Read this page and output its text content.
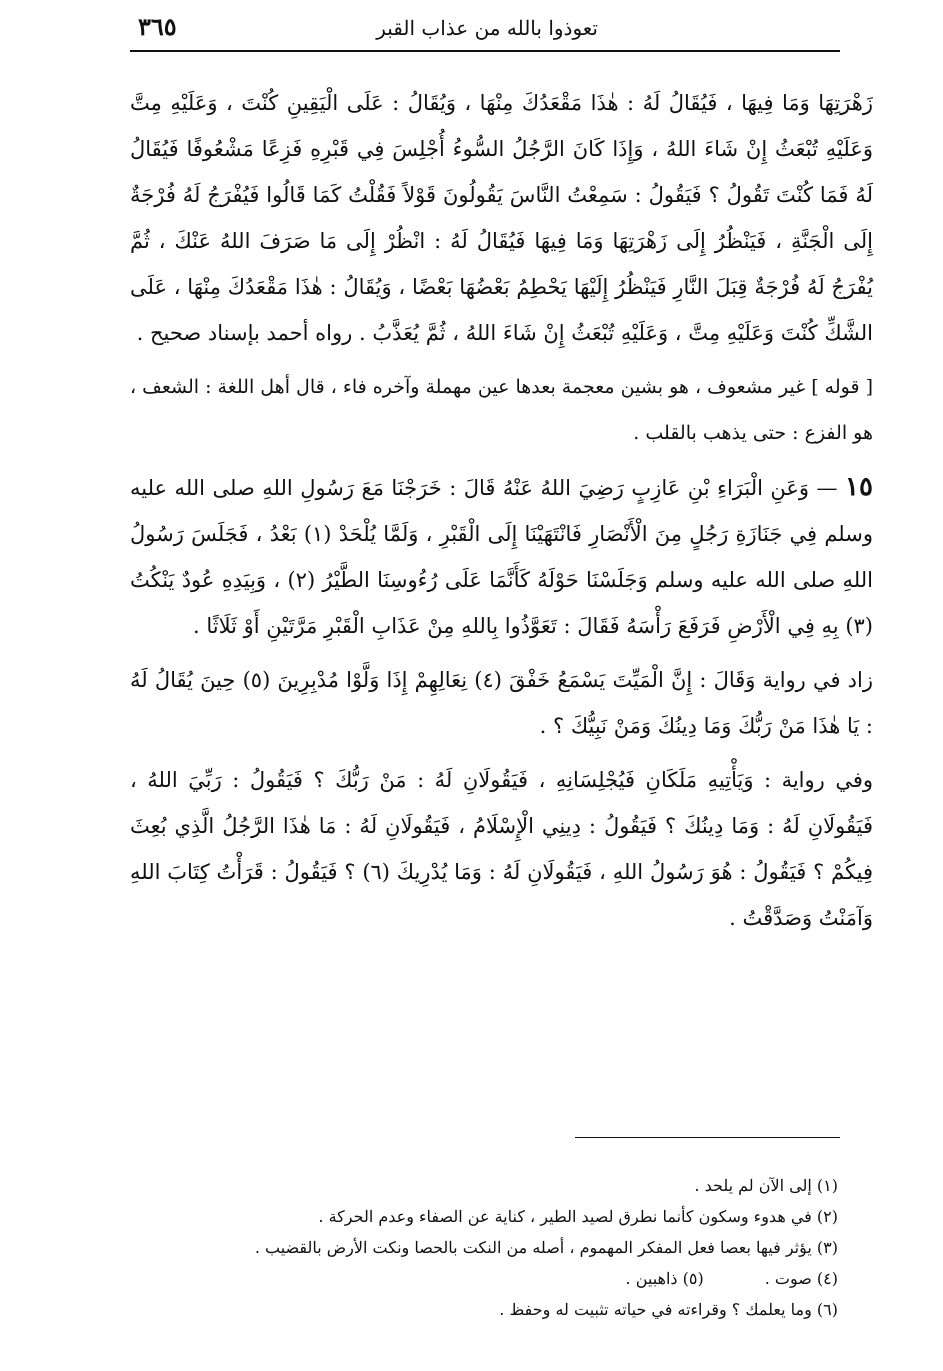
تعوذوا بالله من عذاب القبر
٣٦٥

زَهْرَتِهَا وَمَا فِيهَا ، فَيُقَالُ لَهُ : هٰذَا مَقْعَدُكَ مِنْهَا ، وَيُقَالُ : عَلَى الْيَقِينِ كُنْتَ ، وَعَلَيْهِ مِتَّ وَعَلَيْهِ تُبْعَثُ إِنْ شَاءَ اللهُ ، وَإِذَا كَانَ الرَّجُلُ السُّوءُ أُجْلِسَ فِي قَبْرِهِ فَزِعًا مَشْعُوفًا فَيُقَالُ لَهُ فَمَا كُنْتَ تَقُولُ ؟ فَيَقُولُ : سَمِعْتُ النَّاسَ يَقُولُونَ قَوْلاً فَقُلْتُ كَمَا قَالُوا فَيُفْرَجُ لَهُ فُرْجَةٌ إِلَى الْجَنَّةِ ، فَيَنْظُرُ إِلَى زَهْرَتِهَا وَمَا فِيهَا فَيُقَالُ لَهُ : انْظُرْ إِلَى مَا صَرَفَ اللهُ عَنْكَ ، ثُمَّ يُفْرَجُ لَهُ فُرْجَةٌ قِبَلَ النَّارِ فَيَنْظُرُ إِلَيْهَا يَحْطِمُ بَعْضُهَا بَعْضًا ، وَيُقَالُ : هٰذَا مَقْعَدُكَ مِنْهَا ، عَلَى الشَّكِّ كُنْتَ وَعَلَيْهِ مِتَّ ، وَعَلَيْهِ تُبْعَثُ إِنْ شَاءَ اللهُ ، ثُمَّ يُعَذَّبُ . رواه أحمد بإسناد صحيح .

[ قوله ] غير مشعوف ، هو بشين معجمة بعدها عين مهملة وآخره فاء ، قال أهل اللغة : الشعف ، هو الفزع : حتى يذهب بالقلب .

١٥ — وَعَنِ الْبَرَاءِ بْنِ عَازِبٍ رَضِيَ اللهُ عَنْهُ قَالَ : خَرَجْنَا مَعَ رَسُولِ اللهِ صلى الله عليه وسلم فِي جَنَازَةِ رَجُلٍ مِنَ الْأَنْصَارِ فَانْتَهَيْنَا إِلَى الْقَبْرِ ، وَلَمَّا يُلْحَدْ (١) بَعْدُ ، فَجَلَسَ رَسُولُ اللهِ صلى الله عليه وسلم وَجَلَسْنَا حَوْلَهُ كَأَنَّمَا عَلَى رُءُوسِنَا الطَّيْرُ (٢) ، وَبِيَدِهِ عُودٌ يَنْكُتُ (٣) بِهِ فِي الْأَرْضِ فَرَفَعَ رَأْسَهُ فَقَالَ : تَعَوَّذُوا بِاللهِ مِنْ عَذَابِ الْقَبْرِ مَرَّتَيْنِ أَوْ ثَلَاثًا .

زاد في رواية وَقَالَ : إِنَّ الْمَيِّتَ يَسْمَعُ خَفْقَ (٤) نِعَالِهِمْ إِذَا وَلَّوْا مُدْبِرِينَ (٥) حِينَ يُقَالُ لَهُ : يَا هٰذَا مَنْ رَبُّكَ وَمَا دِينُكَ وَمَنْ نَبِيُّكَ ؟ .

وفي رواية : وَيَأْتِيهِ مَلَكَانِ فَيُجْلِسَانِهِ ، فَيَقُولَانِ لَهُ : مَنْ رَبُّكَ ؟ فَيَقُولُ : رَبِّيَ اللهُ ، فَيَقُولَانِ لَهُ : وَمَا دِينُكَ ؟ فَيَقُولُ : دِينِي الْإِسْلَامُ ، فَيَقُولَانِ لَهُ : مَا هٰذَا الرَّجُلُ الَّذِي بُعِثَ فِيكُمْ ؟ فَيَقُولُ : هُوَ رَسُولُ اللهِ ، فَيَقُولَانِ لَهُ : وَمَا يُدْرِيكَ (٦) ؟ فَيَقُولُ : قَرَأْتُ كِتَابَ اللهِ وَآمَنْتُ وَصَدَّقْتُ .

(١) إلى الآن لم يلحد .
(٢) في هدوء وسكون كأنما نطرق لصيد الطير ، كناية عن الصفاء وعدم الحركة .
(٣) يؤثر فيها بعصا فعل المفكر المهموم ، أصله من النكت بالحصا ونكت الأرض بالقضيب .
(٤) صوت .            (٥) ذاهبين .
(٦) وما يعلمك ؟ وقراءته في حياته تثبيت له وحفظ .
